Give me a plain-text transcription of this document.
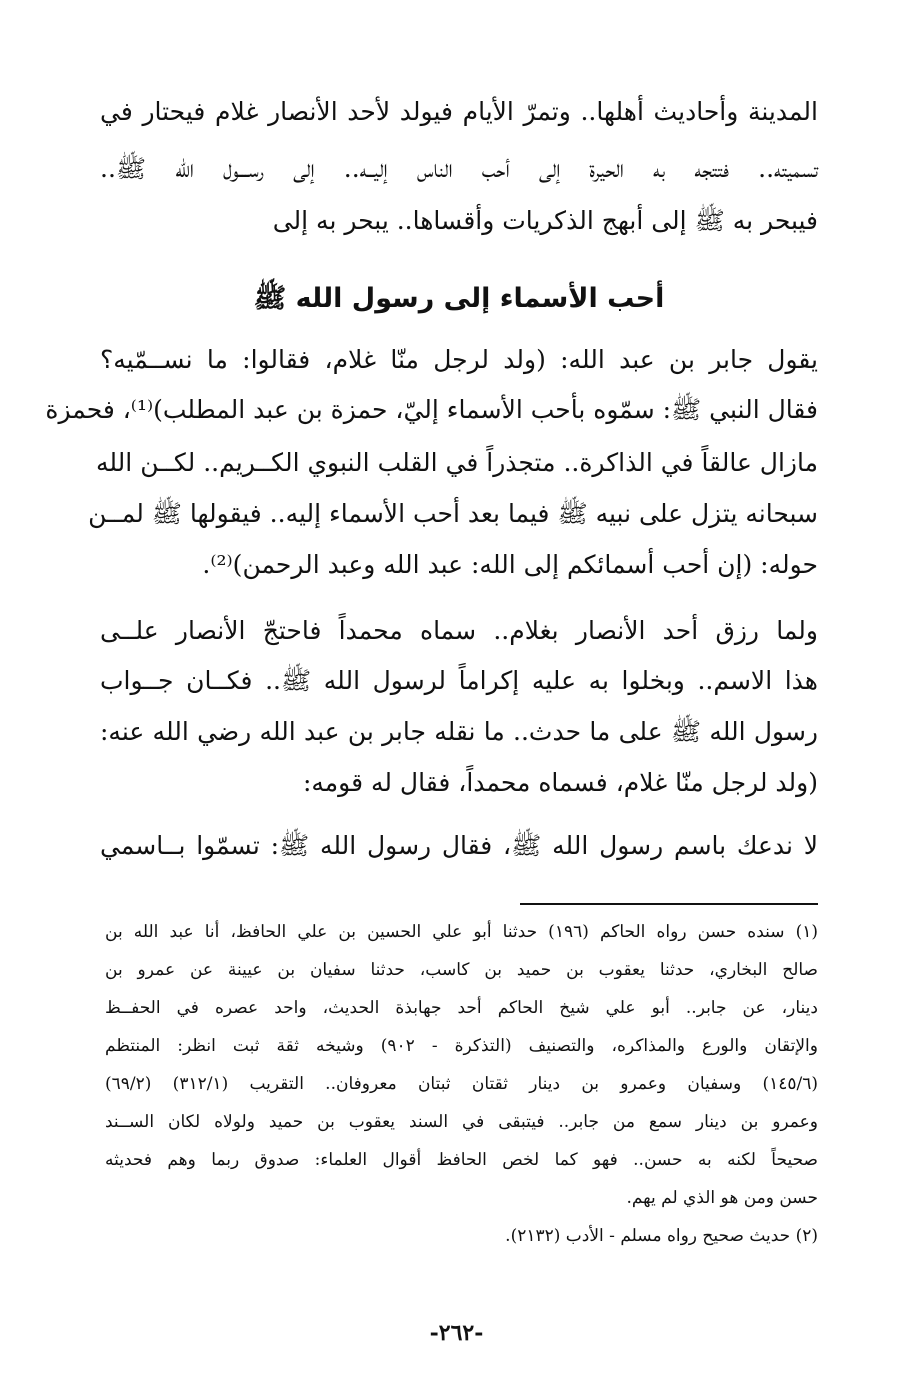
المدينة وأحاديث أهلها.. وتمرّ الأيام فيولد لأحد الأنصار غلام فيحتار في
تسميته.. فتتجه به الحيرة إلى أحب الناس إليــه.. إلى رســـول الله ﷺ..
فيبحر به ﷺ إلى أبهج الذكريات وأقساها.. يبحر به إلى
أحب الأسماء إلى رسول الله ﷺ
يقول جابر بن عبد الله: (ولد لرجل منّا غلام، فقالوا: ما نســمّيه؟
فقال النبي ﷺ: سمّوه بأحب الأسماء إليّ، حمزة بن عبد المطلب)⁽¹⁾، فحمزة
مازال عالقاً في الذاكرة.. متجذراً في القلب النبوي الكــريم.. لكــن الله
سبحانه يتزل على نبيه ﷺ فيما بعد أحب الأسماء إليه.. فيقولها ﷺ لمــن
حوله: (إن أحب أسمائكم إلى الله: عبد الله وعبد الرحمن)⁽²⁾.
ولما رزق أحد الأنصار بغلام.. سماه محمداً فاحتجّ الأنصار علــى
هذا الاسم.. وبخلوا به عليه إكراماً لرسول الله ﷺ.. فكــان جــواب
رسول الله ﷺ على ما حدث.. ما نقله جابر بن عبد الله رضي الله عنه:
(ولد لرجل منّا غلام، فسماه محمداً، فقال له قومه:
لا ندعك باسم رسول الله ﷺ، فقال رسول الله ﷺ: تسمّوا بــاسمي
(١) سنده حسن رواه الحاكم (١٩٦) حدثنا أبو علي الحسين بن علي الحافظ، أنا عبد الله بن
صالح البخاري، حدثنا يعقوب بن حميد بن كاسب، حدثنا سفيان بن عيينة عن عمرو بن
دينار، عن جابر.. أبو علي شيخ الحاكم أحد جهابذة الحديث، واحد عصره في الحفــظ
والإتقان والورع والمذاكره، والتصنيف (التذكرة - ٩٠٢) وشيخه ثقة ثبت انظر: المنتظم
(١٤٥/٦) وسفيان وعمرو بن دينار ثقتان ثبتان معروفان.. التقريب (٣١٢/١) (٦٩/٢)
وعمرو بن دينار سمع من جابر.. فيتبقى في السند يعقوب بن حميد ولولاه لكان الســند
صحيحاً لكنه به حسن.. فهو كما لخص الحافظ أقوال العلماء: صدوق ربما وهم فحديثه
حسن ومن هو الذي لم يهم.
(٢) حديث صحيح رواه مسلم - الأدب (٢١٣٢).
-٢٦٢-
